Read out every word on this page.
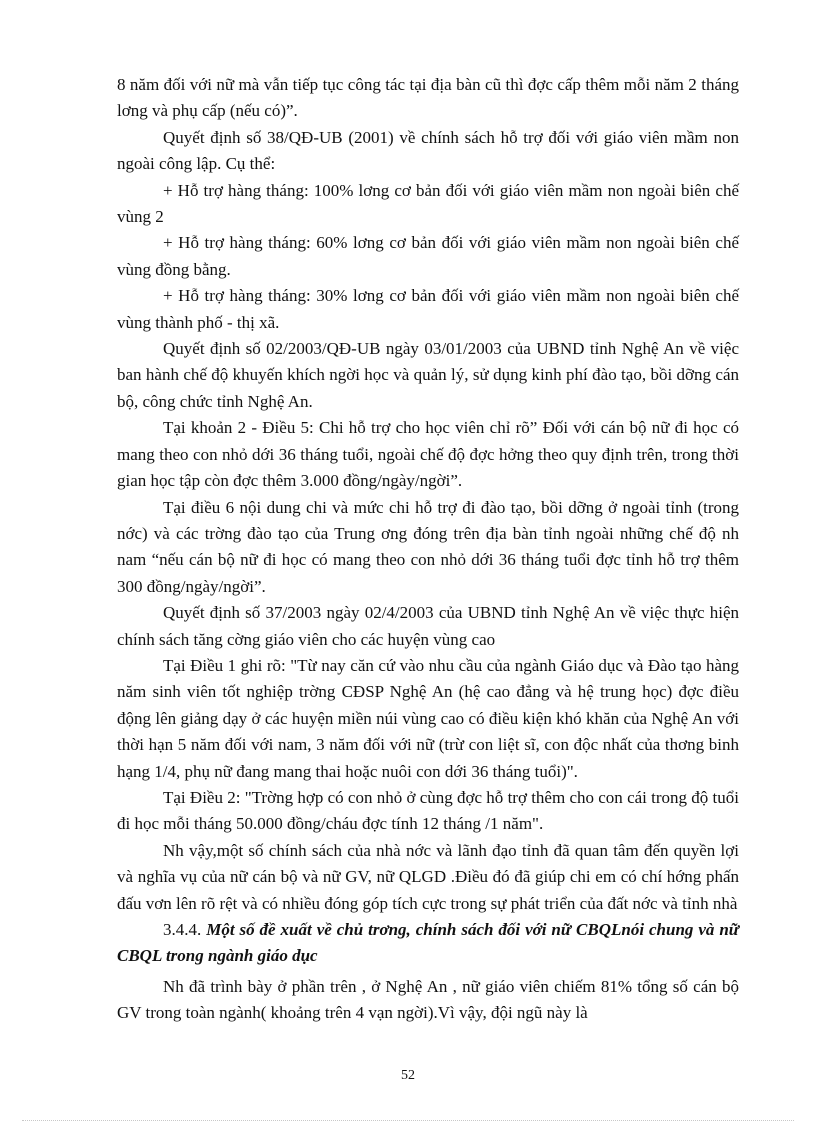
8 năm đối với nữ mà vẫn tiếp tục công tác tại địa bàn cũ thì đợc cấp thêm mỗi năm 2 tháng lơng và phụ cấp (nếu có)”.

Quyết định số 38/QĐ-UB (2001) về chính sách hỗ trợ đối với giáo viên mầm non ngoài công lập. Cụ thể:

+ Hỗ trợ hàng tháng: 100% lơng cơ bản đối với giáo viên mầm non ngoài biên chế vùng 2

+ Hỗ trợ hàng tháng: 60% lơng cơ bản đối với giáo viên mầm non ngoài biên chế vùng đồng bằng.

+ Hỗ trợ hàng tháng: 30% lơng cơ bản đối với giáo viên mầm non ngoài biên chế vùng thành phố - thị xã.

Quyết định số 02/2003/QĐ-UB ngày 03/01/2003 của UBND tỉnh Nghệ An về việc ban hành chế độ khuyến khích ngời học và quản lý, sử dụng kinh phí đào tạo, bồi dỡng cán bộ, công chức tỉnh Nghệ An.

Tại khoản 2 - Điều 5: Chi hỗ trợ cho học viên chỉ rõ” Đối với cán bộ nữ đi học có mang theo con nhỏ dới 36 tháng tuổi, ngoài chế độ đợc hởng theo quy định trên, trong thời gian học tập còn đợc thêm 3.000 đồng/ngày/ngời”.

Tại điều 6 nội dung chi và mức chi hỗ trợ đi đào tạo, bồi dỡng ở ngoài tỉnh (trong nớc) và các trờng đào tạo của Trung ơng đóng trên địa bàn tỉnh ngoài những chế độ nh nam “nếu cán bộ nữ đi học có mang theo con nhỏ dới 36 tháng tuổi đợc tỉnh hỗ trợ thêm 300 đồng/ngày/ngời”.

Quyết định số 37/2003 ngày 02/4/2003 của UBND tỉnh Nghệ An về việc thực hiện chính sách tăng cờng giáo viên cho các huyện vùng cao

Tại Điều 1 ghi rõ: "Từ nay căn cứ vào nhu cầu của ngành Giáo dục và Đào tạo hàng năm sinh viên tốt nghiệp trờng CĐSP Nghệ An (hệ cao đẳng và hệ trung học) đợc điều động lên giảng dạy ở các huyện miền núi vùng cao có điều kiện khó khăn của Nghệ An với thời hạn 5 năm đối với nam, 3 năm đối với nữ (trừ con liệt sĩ, con độc nhất của thơng binh hạng 1/4, phụ nữ đang mang thai hoặc nuôi con dới 36 tháng tuổi)".

Tại Điều 2: "Trờng hợp có con nhỏ ở cùng đợc hỗ trợ thêm cho con cái trong độ tuổi đi học mỗi tháng 50.000 đồng/cháu đợc tính 12 tháng /1 năm".

Nh vậy,một số chính sách của nhà nớc và lãnh đạo tỉnh đã quan tâm đến quyền lợi và nghĩa vụ của nữ cán bộ và nữ GV, nữ QLGD .Điều đó đã giúp chi em có chí hớng phấn đấu vơn lên rõ rệt và có nhiều đóng góp tích cực trong sự phát triển của đất nớc và tỉnh nhà

3.4.4. Một số đề xuất về chủ trơng, chính sách đối với nữ CBQLnói chung và nữ CBQL trong ngành giáo dục

Nh đã trình bày ở phần trên , ở Nghệ An , nữ giáo viên chiếm 81% tổng số cán bộ GV trong toàn ngành( khoảng trên 4 vạn ngời).Vì vậy, đội ngũ này là

52
